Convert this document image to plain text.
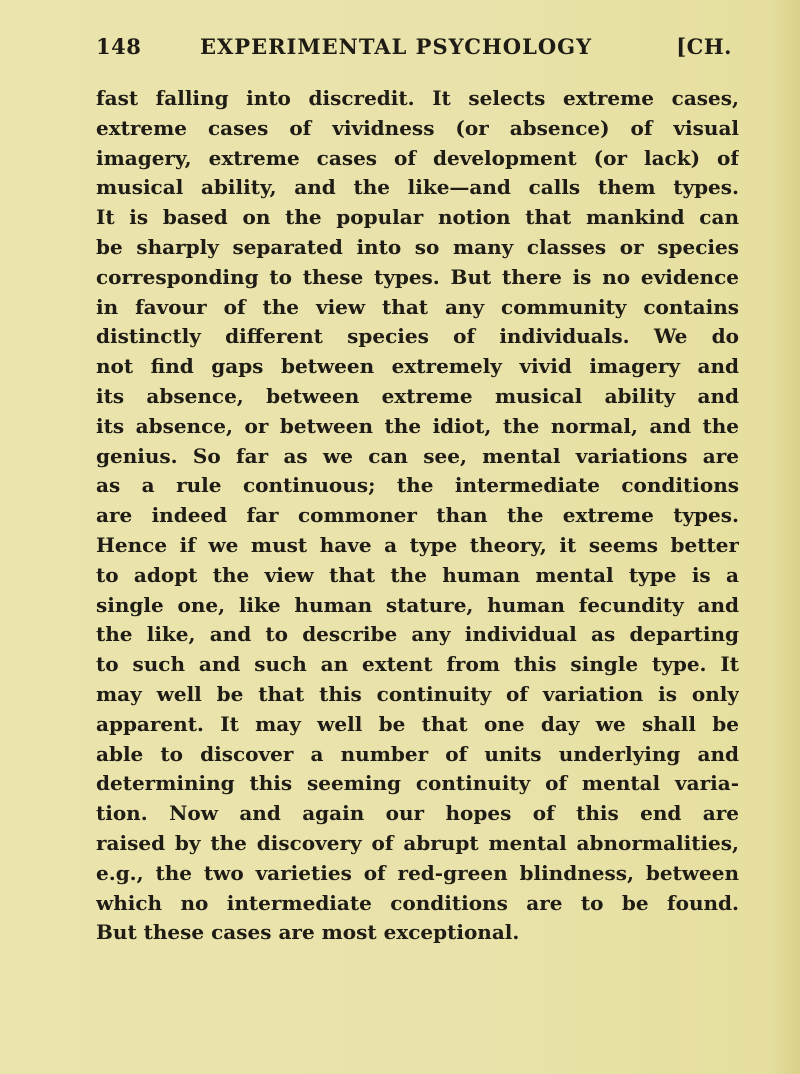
148	EXPERIMENTAL PSYCHOLOGY	[CH.
fast falling into discredit. It selects extreme cases,
extreme cases of vividness (or absence) of visual
imagery, extreme cases of development (or lack) of
musical ability, and the like—and calls them types.
It is based on the popular notion that mankind can
be sharply separated into so many classes or species
corresponding to these types. But there is no evidence
in favour of the view that any community contains
distinctly different species of individuals. We do
not find gaps between extremely vivid imagery and
its absence, between extreme musical ability and
its absence, or between the idiot, the normal, and the
genius. So far as we can see, mental variations are
as a rule continuous; the intermediate conditions
are indeed far commoner than the extreme types.
Hence if we must have a type theory, it seems better
to adopt the view that the human mental type is a
single one, like human stature, human fecundity and
the like, and to describe any individual as departing
to such and such an extent from this single type. It
may well be that this continuity of variation is only
apparent. It may well be that one day we shall be
able to discover a number of units underlying and
determining this seeming continuity of mental varia-
tion. Now and again our hopes of this end are
raised by the discovery of abrupt mental abnormalities,
e.g., the two varieties of red-green blindness, between
which no intermediate conditions are to be found.
But these cases are most exceptional.
